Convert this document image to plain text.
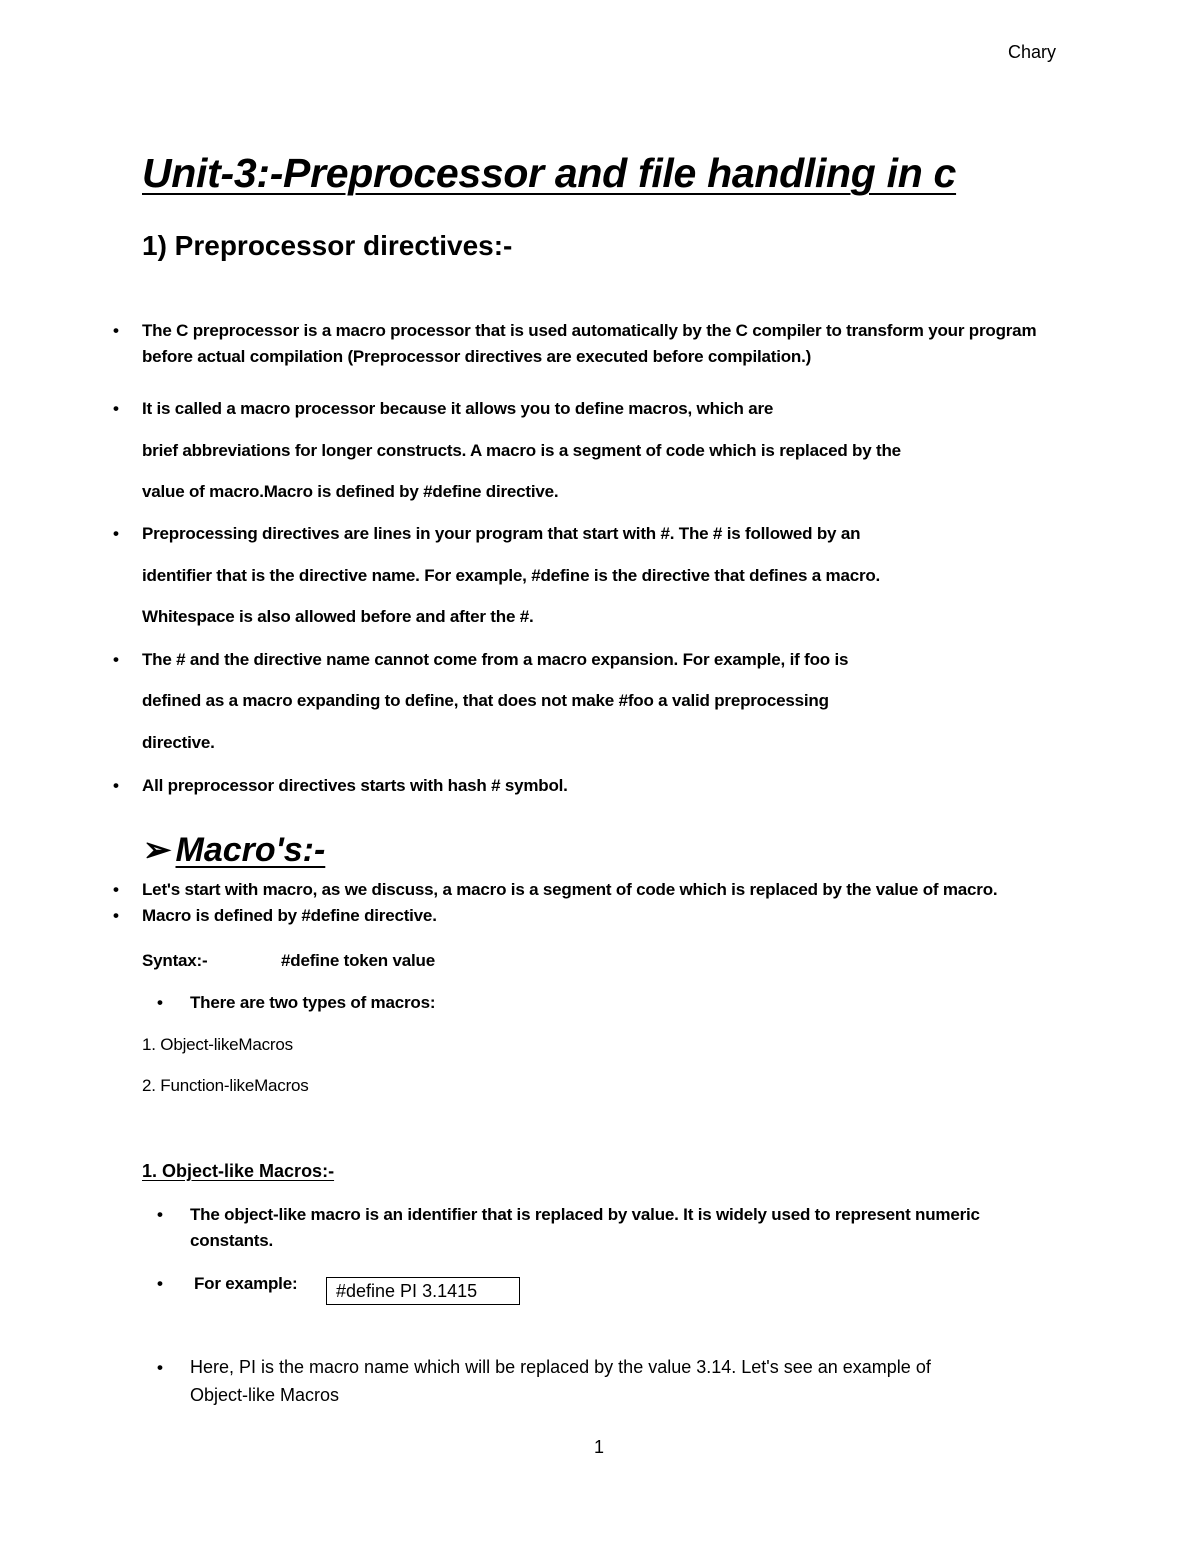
Chary
Unit-3:-Preprocessor and file handling in c
1) Preprocessor directives:-
• The C preprocessor is a macro processor that is used automatically by the C compiler to transform your program
before actual compilation (Preprocessor directives are executed before compilation.)
• It is called a macro processor because it allows you to define macros, which are
brief abbreviations for longer constructs. A macro is a segment of code which is replaced by the
value of macro.Macro is defined by #define directive.
• Preprocessing directives are lines in your program that start with #. The # is followed by an
identifier that is the directive name. For example, #define is the directive that defines a macro.
Whitespace is also allowed before and after the #.
• The # and the directive name cannot come from a macro expansion. For example, if foo is
defined as a macro expanding to define, that does not make #foo a valid preprocessing
directive.
• All preprocessor directives starts with hash # symbol.
➢ Macro's:-
• Let's start with macro, as we discuss, a macro is a segment of code which is replaced by the value of macro.
• Macro is defined by #define directive.
Syntax:-	#define token value
• There are two types of macros:
1. Object-likeMacros
2. Function-likeMacros
1. Object-like Macros:-
• The object-like macro is an identifier that is replaced by value. It is widely used to represent numeric
constants.
• For example:	#define PI 3.1415
• Here, PI is the macro name which will be replaced by the value 3.14. Let's see an example of
Object-like Macros
1
